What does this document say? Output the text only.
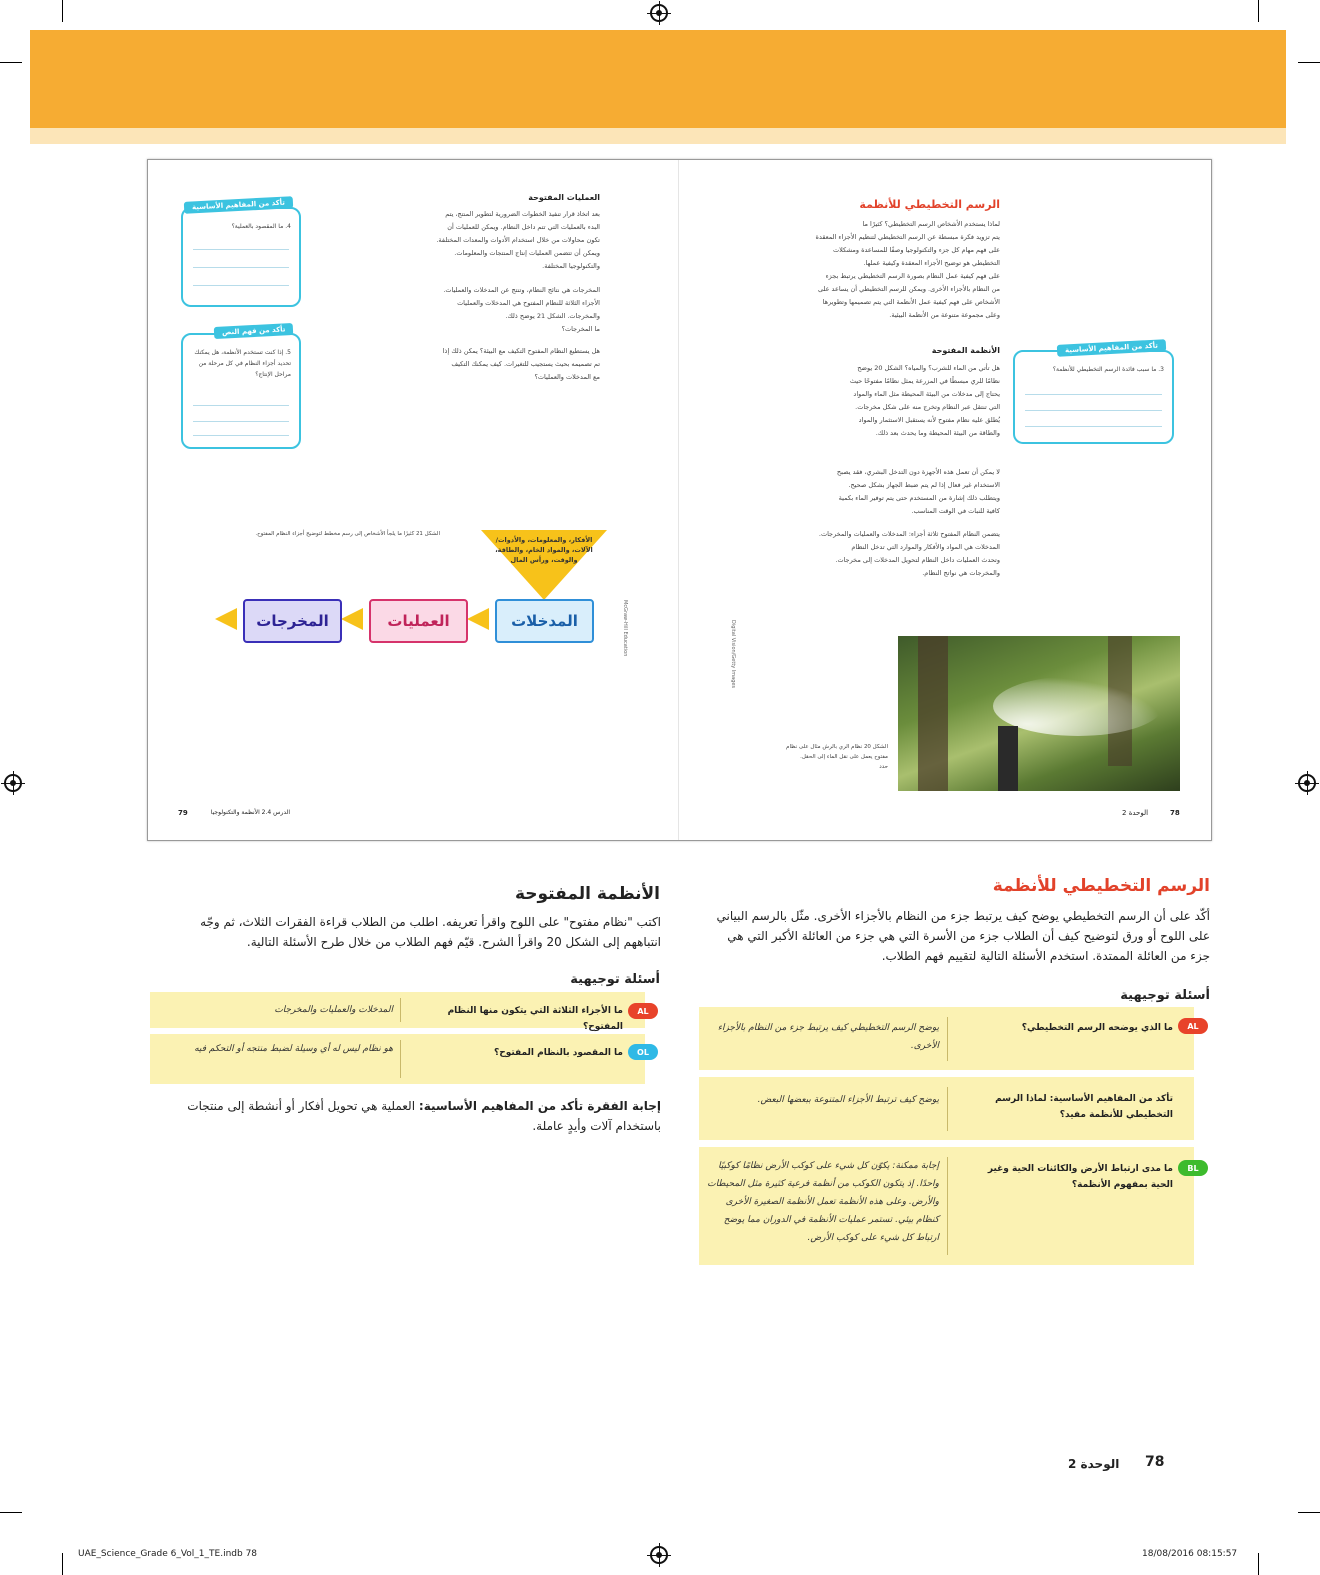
الرسم التخطيطي للأنظمة
لماذا يستخدم الأشخاص الرسم التخطيطي؟ كثيرًا ما
يتم تزويد فكرة مبسطة عن الرسم التخطيطي لتنظيم الأجزاء المعقدة
على فهم مهام كل جزء والتكنولوجيا وصفًا للمساعدة ومشكلات
التخطيطي هو توضيح الأجزاء المعقدة وكيفية عملها.
على فهم كيفية عمل النظام بصورة الرسم التخطيطي يرتبط بجزء
من النظام بالأجزاء الأخرى. ويمكن للرسم التخطيطي أن يساعد على
الأشخاص على فهم كيفية عمل الأنظمة التي يتم تصميمها وتطويرها
وعلى مجموعة متنوعة من الأنظمة البيئية.
الأنظمة المفتوحة
هل تأتي من الماء للشرب؟ والمياه؟ الشكل 20 يوضح
نظامًا للري مبسطًا في المزرعة يمثل نظامًا مفتوحًا حيث
يحتاج إلى مدخلات من البيئة المحيطة مثل الماء والمواد
التي تنتقل عبر النظام وتخرج منه على شكل مخرجات.
يُطلق عليه نظام مفتوح لأنه يستقبل الاستثمار والمواد
والطاقة من البيئة المحيطة وما يحدث بعد ذلك.
لا يمكن أن تعمل هذه الأجهزة دون التدخل البشري، فقد يصبح
الاستخدام غير فعال إذا لم يتم ضبط الجهاز بشكل صحيح.
ويتطلب ذلك إشارة من المستخدم حتى يتم توفير الماء بكمية
كافية للنبات في الوقت المناسب.
يتضمن النظام المفتوح ثلاثة أجزاء: المدخلات والعمليات والمخرجات.
المدخلات هي المواد والأفكار والموارد التي تدخل النظام
وتحدث العمليات داخل النظام لتحويل المدخلات إلى مخرجات.
والمخرجات هي نواتج النظام.
تأكد من المفاهيم الأساسية
3. ما سبب فائدة الرسم التخطيطي للأنظمة؟
الشكل 20 نظام الري بالرش مثال على نظام
مفتوح يعمل على نقل الماء إلى الحقل.
حدد
Digital Vision/Getty Images
78
الوحدة 2
العمليات المفتوحة
بعد اتخاذ قرار تنفيذ الخطوات الضرورية لتطوير المنتج، يتم
البدء بالعمليات التي تتم داخل النظام. ويمكن للعمليات أن
تكون محاولات من خلال استخدام الأدوات والمعدات المختلفة.
ويمكن أن تتضمن العمليات إنتاج المنتجات والمعلومات.
والتكنولوجيا المختلفة.
المخرجات هي نتائج النظام، وتنتج عن المدخلات والعمليات.
الأجزاء الثلاثة للنظام المفتوح هي المدخلات والعمليات
والمخرجات. الشكل 21 يوضح ذلك.
ما المخرجات؟
هل يستطيع النظام المفتوح التكيف مع البيئة؟ يمكن ذلك إذا
تم تصميمه بحيث يستجيب للتغيرات. كيف يمكنك التكيف
مع المدخلات والعمليات؟
تأكد من المفاهيم الأساسية
4. ما المقصود بالعملية؟
تأكد من فهم النص
5. إذا كنت تستخدم الأنظمة، هل يمكنك تحديد أجزاء النظام في كل مرحلة من مراحل الإنتاج؟
الأفكار، والمعلومات، والأدوات/
الآلات، والمواد الخام، والطاقة،
والوقت، ورأس المال
المدخلات
العمليات
المخرجات
الشكل 21 كثيرًا ما يلجأ الأشخاص إلى رسم مخطط لتوضيح أجزاء النظام المفتوح.
McGraw-Hill Education
79	الدرس 2.4 الأنظمة والتكنولوجيا
الرسم التخطيطي للأنظمة
أكّد على أن الرسم التخطيطي يوضح كيف يرتبط جزء من النظام بالأجزاء الأخرى. مثّل بالرسم البياني على اللوح أو ورق لتوضيح كيف أن الطلاب جزء من الأسرة التي هي جزء من العائلة الأكبر التي هي جزء من العائلة الممتدة. استخدم الأسئلة التالية لتقييم فهم الطلاب.
أسئلة توجيهية
AL
ما الذي يوضحه الرسم التخطيطي؟
يوضح الرسم التخطيطي كيف يرتبط جزء من النظام بالأجزاء الأخرى.
تأكد من المفاهيم الأساسية: لماذا الرسم التخطيطي للأنظمة مفيد؟
يوضح كيف ترتبط الأجزاء المتنوعة ببعضها البعض.
BL
ما مدى ارتباط الأرض والكائنات الحية وغير الحية بمفهوم الأنظمة؟
إجابة ممكنة: يكوّن كل شيء على كوكب الأرض نظامًا كوكبيًا واحدًا. إذ يتكون الكوكب من أنظمة فرعية كثيرة مثل المحيطات والأرض. وعلى هذه الأنظمة تعمل الأنظمة الصغيرة الأخرى كنظام بيئي. تستمر عمليات الأنظمة في الدوران مما يوضح ارتباط كل شيء على كوكب الأرض.
78
الوحدة 2
الأنظمة المفتوحة
اكتب "نظام مفتوح" على اللوح واقرأ تعريفه. اطلب من الطلاب قراءة الفقرات الثلاث، ثم وجّه انتباههم إلى الشكل 20 واقرأ الشرح. قيّم فهم الطلاب من خلال طرح الأسئلة التالية.
أسئلة توجيهية
AL
ما الأجزاء الثلاثة التي يتكون منها النظام المفتوح؟
المدخلات والعمليات والمخرجات
OL
ما المقصود بالنظام المفتوح؟
هو نظام ليس له أي وسيلة لضبط منتجه أو التحكم فيه
إجابة الفقرة تأكد من المفاهيم الأساسية: العملية هي تحويل أفكار أو أنشطة إلى منتجات باستخدام آلات وأيدٍ عاملة.
UAE_Science_Grade 6_Vol_1_TE.indb 78	18/08/2016 08:15:57
